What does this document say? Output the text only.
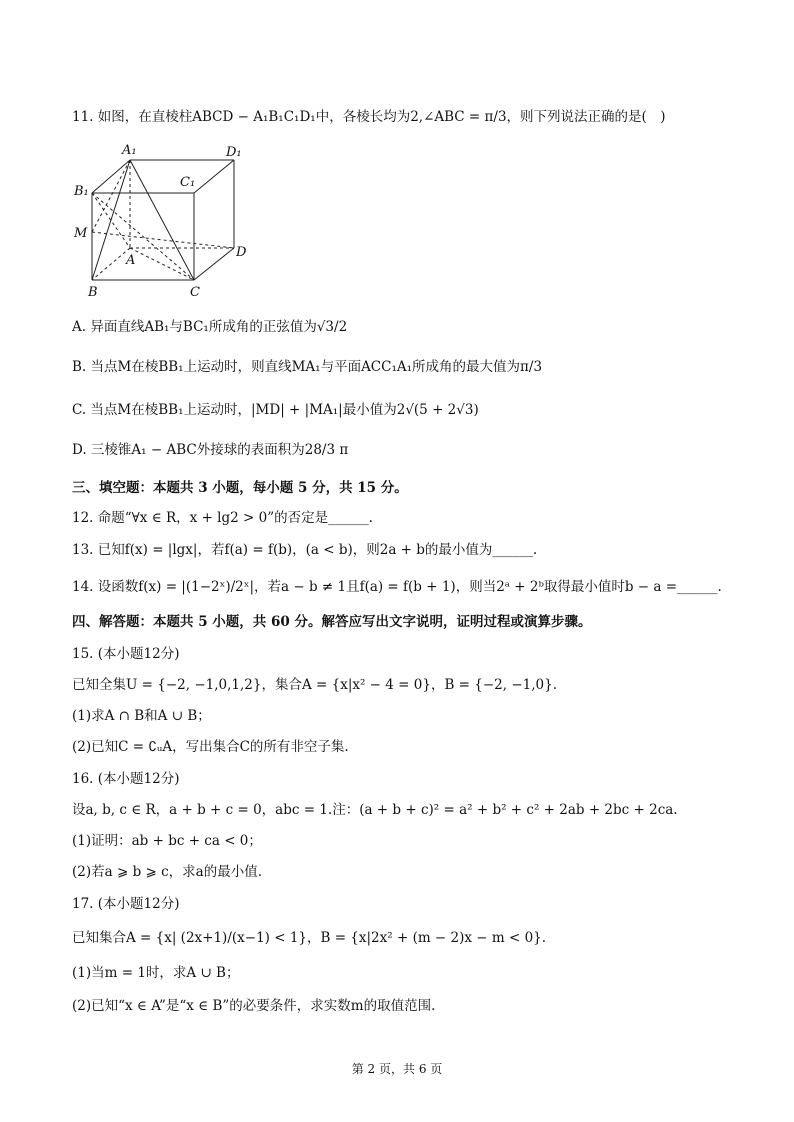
11. 如图，在直棱柱ABCD − A₁B₁C₁D₁中，各棱长均为2,∠ABC = π/3，则下列说法正确的是(　)
A₁	D₁
B₁
C₁
M
A
D
B	C
A. 异面直线AB₁与BC₁所成角的正弦值为√3/2
B. 当点M在棱BB₁上运动时，则直线MA₁与平面ACC₁A₁所成角的最大值为π/3
C. 当点M在棱BB₁上运动时，|MD| + |MA₁|最小值为2√(5 + 2√3)
D. 三棱锥A₁ − ABC外接球的表面积为28/3 π
三、填空题：本题共 3 小题，每小题 5 分，共 15 分。
12. 命题“∀x ∈ R，x + lg2 > 0”的否定是______.
13. 已知f(x) = |lgx|，若f(a) = f(b)，(a < b)，则2a + b的最小值为______.
14. 设函数f(x) = |(1−2ˣ)/2ˣ|，若a − b ≠ 1且f(a) = f(b + 1)，则当2ᵃ + 2ᵇ取得最小值时b − a =______.
四、解答题：本题共 5 小题，共 60 分。解答应写出文字说明，证明过程或演算步骤。
15. (本小题12分)
已知全集U = {−2, −1,0,1,2}，集合A = {x|x² − 4 = 0}，B = {−2, −1,0}.
(1)求A ∩ B和A ∪ B；
(2)已知C = ∁ᵤA，写出集合C的所有非空子集.
16. (本小题12分)
设a, b, c ∈ R，a + b + c = 0，abc = 1.注：(a + b + c)² = a² + b² + c² + 2ab + 2bc + 2ca.
(1)证明：ab + bc + ca < 0；
(2)若a ⩾ b ⩾ c，求a的最小值.
17. (本小题12分)
已知集合A = {x| (2x+1)/(x−1) < 1}，B = {x|2x² + (m − 2)x − m < 0}.
(1)当m = 1时，求A ∪ B；
(2)已知“x ∈ A”是“x ∈ B”的必要条件，求实数m的取值范围.
第 2 页，共 6 页
